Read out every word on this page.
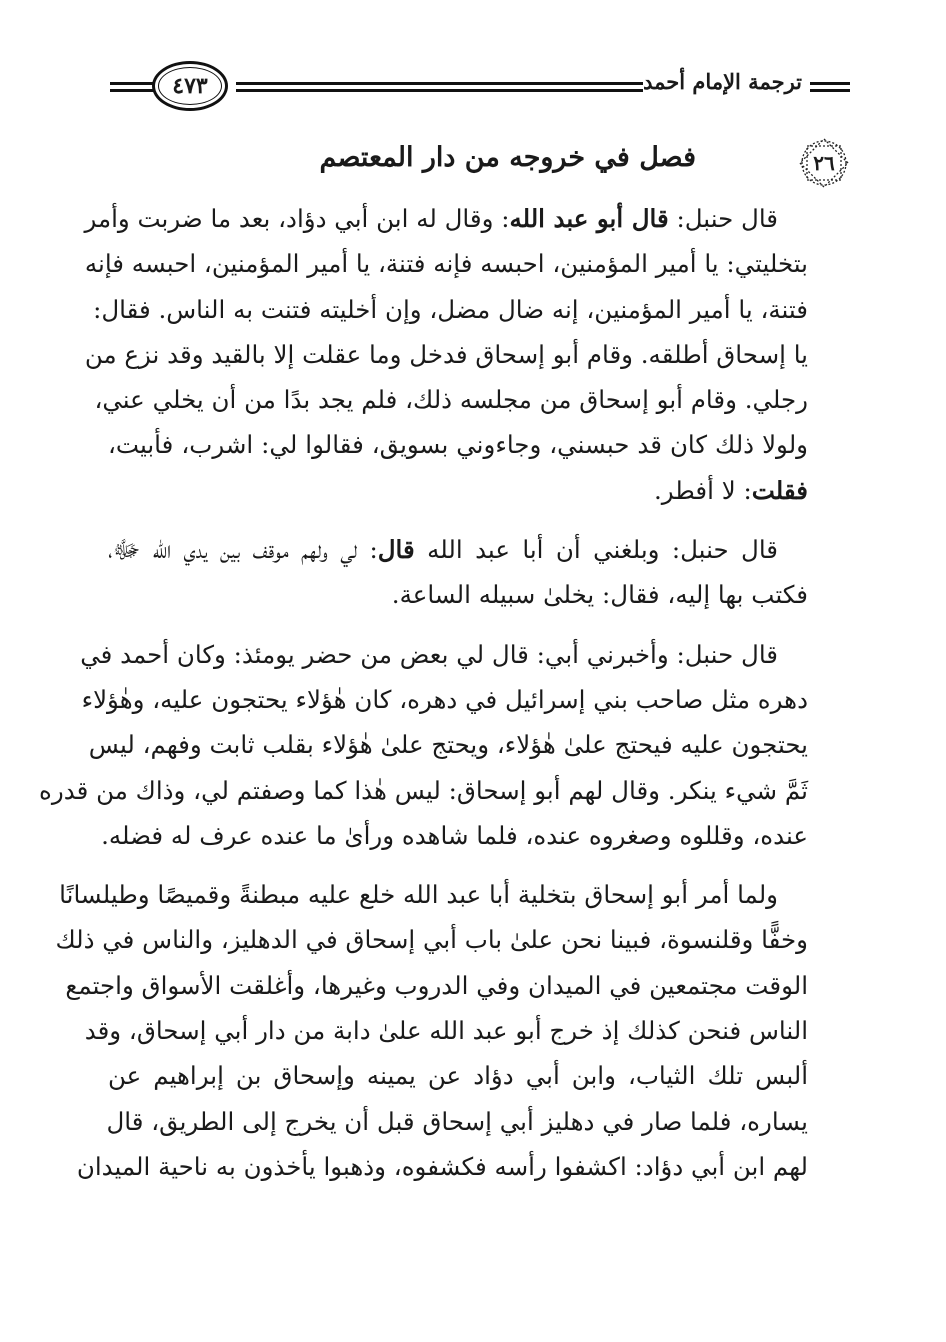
ترجمة الإمام أحمد
٤٧٣
٢٦
فصل في خروجه من دار المعتصم
قال حنبل: قال أبو عبد الله: وقال له ابن أبي دؤاد، بعد ما ضربت وأمر
بتخليتي: يا أمير المؤمنين، احبسه فإنه فتنة، يا أمير المؤمنين، احبسه فإنه
فتنة، يا أمير المؤمنين، إنه ضال مضل، وإن أخليته فتنت به الناس. فقال:
يا إسحاق أطلقه. وقام أبو إسحاق فدخل وما عقلت إلا بالقيد وقد نزع من
رجلي. وقام أبو إسحاق من مجلسه ذلك، فلم يجد بدًا من أن يخلي عني،
ولولا ذلك كان قد حبسني، وجاءوني بسويق، فقالوا لي: اشرب، فأبيت،
فقلت: لا أفطر.
قال حنبل: وبلغني أن أبا عبد الله قال: لي ولهم موقف بين يدي الله ﷻ،
فكتب بها إليه، فقال: يخلىٰ سبيله الساعة.
قال حنبل: وأخبرني أبي: قال لي بعض من حضر يومئذ: وكان أحمد في
دهره مثل صاحب بني إسرائيل في دهره، كان هٰؤلاء يحتجون عليه، وهٰؤلاء
يحتجون عليه فيحتج علىٰ هٰؤلاء، ويحتج علىٰ هٰؤلاء بقلب ثابت وفهم، ليس
ثَمَّ شيء ينكر. وقال لهم أبو إسحاق: ليس هٰذا كما وصفتم لي، وذاك من قدره
عنده، وقللوه وصغروه عنده، فلما شاهده ورأىٰ ما عنده عرف له فضله.
ولما أمر أبو إسحاق بتخلية أبا عبد الله خلع عليه مبطنةً وقميصًا وطيلسانًا
وخفًّا وقلنسوة، فبينا نحن علىٰ باب أبي إسحاق في الدهليز، والناس في ذلك
الوقت مجتمعين في الميدان وفي الدروب وغيرها، وأغلقت الأسواق واجتمع
الناس فنحن كذلك إذ خرج أبو عبد الله علىٰ دابة من دار أبي إسحاق، وقد
ألبس تلك الثياب، وابن أبي دؤاد عن يمينه وإسحاق بن إبراهيم عن
يساره، فلما صار في دهليز أبي إسحاق قبل أن يخرج إلى الطريق، قال
لهم ابن أبي دؤاد: اكشفوا رأسه فكشفوه، وذهبوا يأخذون به ناحية الميدان
